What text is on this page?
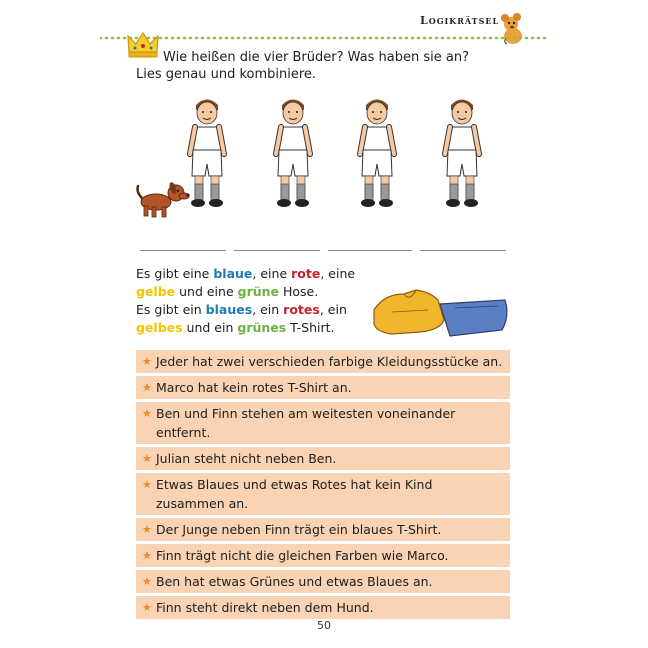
Logikrätsel
Wie heißen die vier Brüder? Was haben sie an?
Lies genau und kombiniere.
Es gibt eine blaue, eine rote, eine
gelbe und eine grüne Hose.
Es gibt ein blaues, ein rotes, ein
gelbes und ein grünes T-Shirt.
★ Jeder hat zwei verschieden farbige Kleidungsstücke an.
★ Marco hat kein rotes T-Shirt an.
★ Ben und Finn stehen am weitesten voneinander entfernt.
★ Julian steht nicht neben Ben.
★ Etwas Blaues und etwas Rotes hat kein Kind zusammen an.
★ Der Junge neben Finn trägt ein blaues T-Shirt.
★ Finn trägt nicht die gleichen Farben wie Marco.
★ Ben hat etwas Grünes und etwas Blaues an.
★ Finn steht direkt neben dem Hund.
50
